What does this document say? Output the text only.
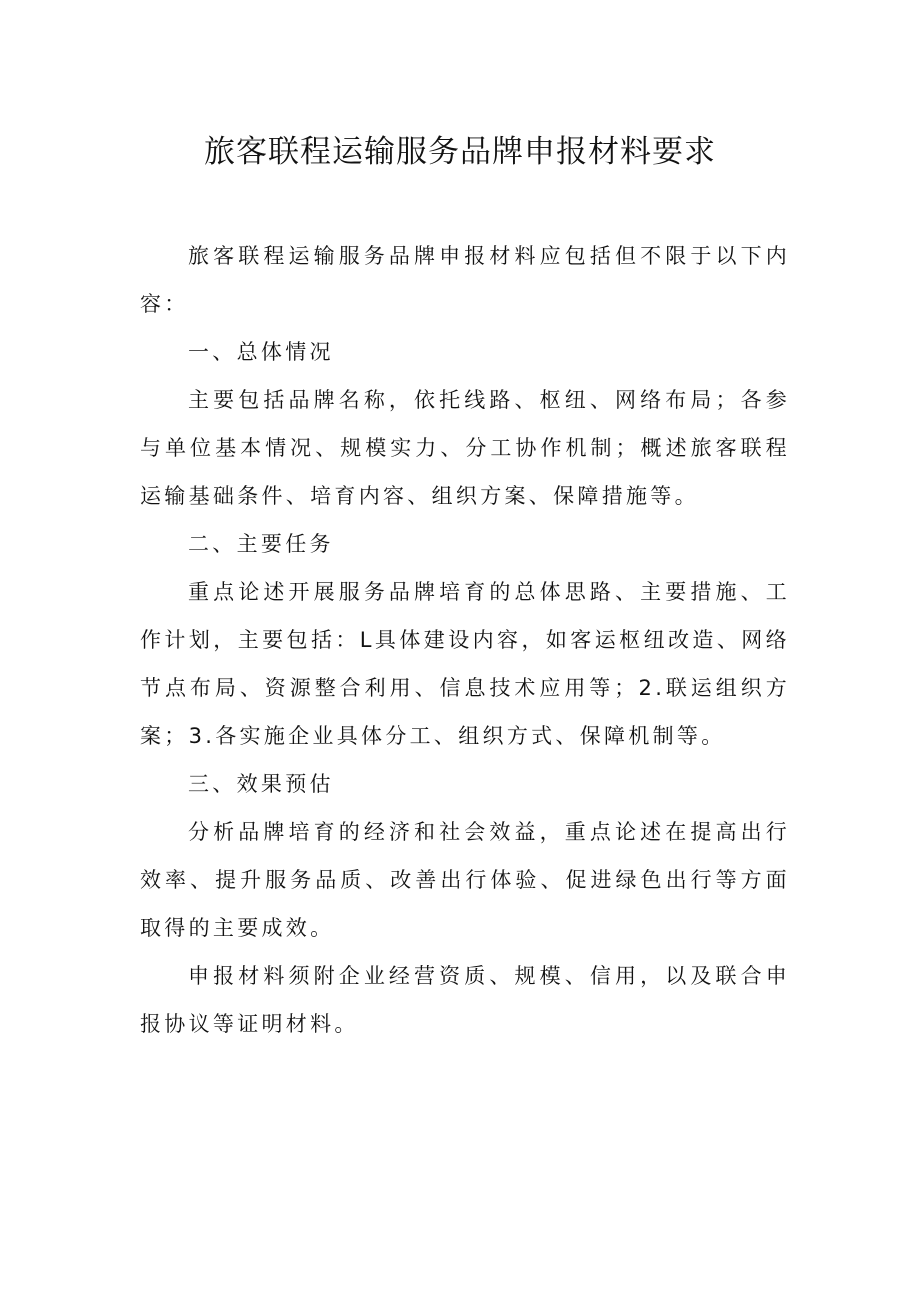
旅客联程运输服务品牌申报材料要求

旅客联程运输服务品牌申报材料应包括但不限于以下内容：

一、总体情况

主要包括品牌名称，依托线路、枢纽、网络布局；各参与单位基本情况、规模实力、分工协作机制；概述旅客联程运输基础条件、培育内容、组织方案、保障措施等。

二、主要任务

重点论述开展服务品牌培育的总体思路、主要措施、工作计划，主要包括：L具体建设内容，如客运枢纽改造、网络节点布局、资源整合利用、信息技术应用等；2.联运组织方案；3.各实施企业具体分工、组织方式、保障机制等。

三、效果预估

分析品牌培育的经济和社会效益，重点论述在提高出行效率、提升服务品质、改善出行体验、促进绿色出行等方面取得的主要成效。

申报材料须附企业经营资质、规模、信用，以及联合申报协议等证明材料。
